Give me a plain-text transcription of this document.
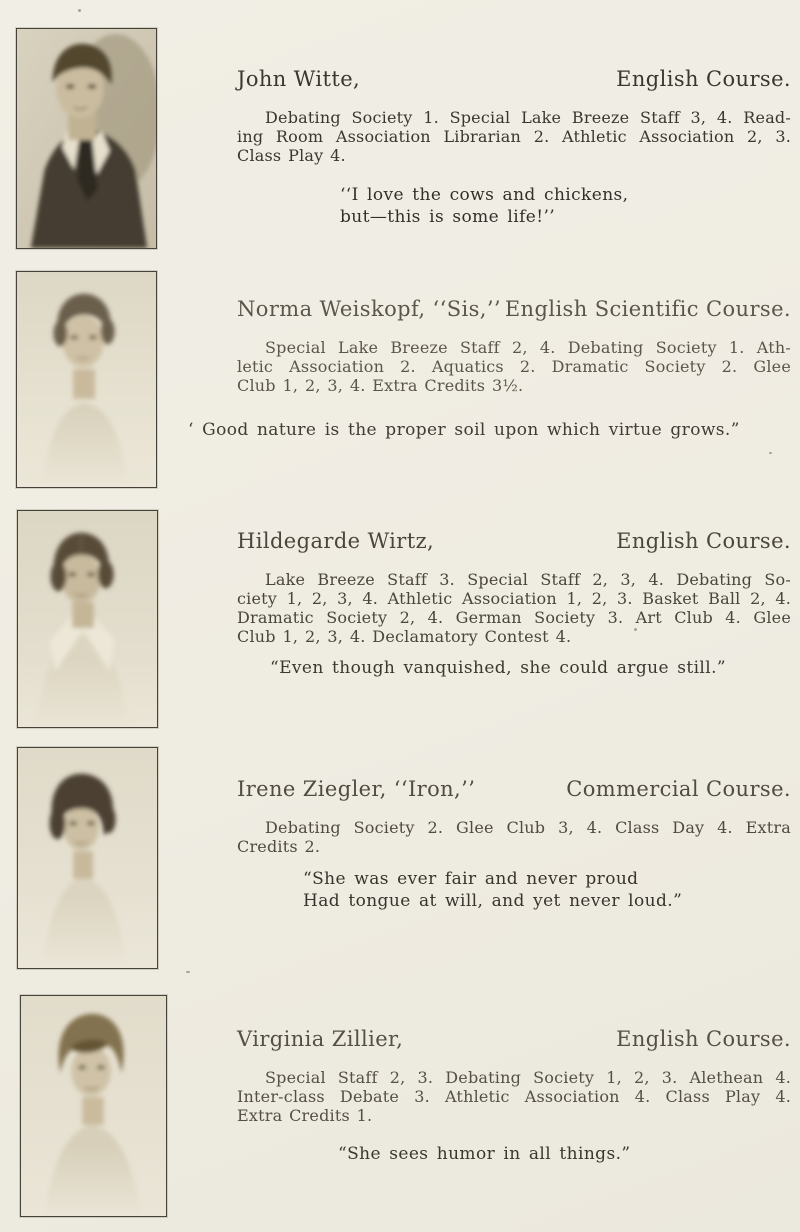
John Witte,	English Course.
Debating Society 1. Special Lake Breeze Staff 3, 4. Read-
ing Room Association Librarian 2. Athletic Association 2, 3.
Class Play 4.
‘‘I love the cows and chickens,
but—this is some life!’’
Norma Weiskopf, ‘‘Sis,’’ English Scientific Course.
Special Lake Breeze Staff 2, 4. Debating Society 1. Ath-
letic Association 2. Aquatics 2. Dramatic Society 2. Glee
Club 1, 2, 3, 4. Extra Credits 3½.
‘ Good nature is the proper soil upon which virtue grows.”
Hildegarde Wirtz,	English Course.
Lake Breeze Staff 3. Special Staff 2, 3, 4. Debating So-
ciety 1, 2, 3, 4. Athletic Association 1, 2, 3. Basket Ball 2, 4.
Dramatic Society 2, 4. German Society 3. Art Club 4. Glee
Club 1, 2, 3, 4. Declamatory Contest 4.
“Even though vanquished, she could argue still.”
Irene Ziegler, ‘‘Iron,’’	Commercial Course.
Debating Society 2. Glee Club 3, 4. Class Day 4. Extra
Credits 2.
“She was ever fair and never proud
Had tongue at will, and yet never loud.”
Virginia Zillier,	English Course.
Special Staff 2, 3. Debating Society 1, 2, 3. Alethean 4.
Inter-class Debate 3. Athletic Association 4. Class Play 4.
Extra Credits 1.
“She sees humor in all things.”
